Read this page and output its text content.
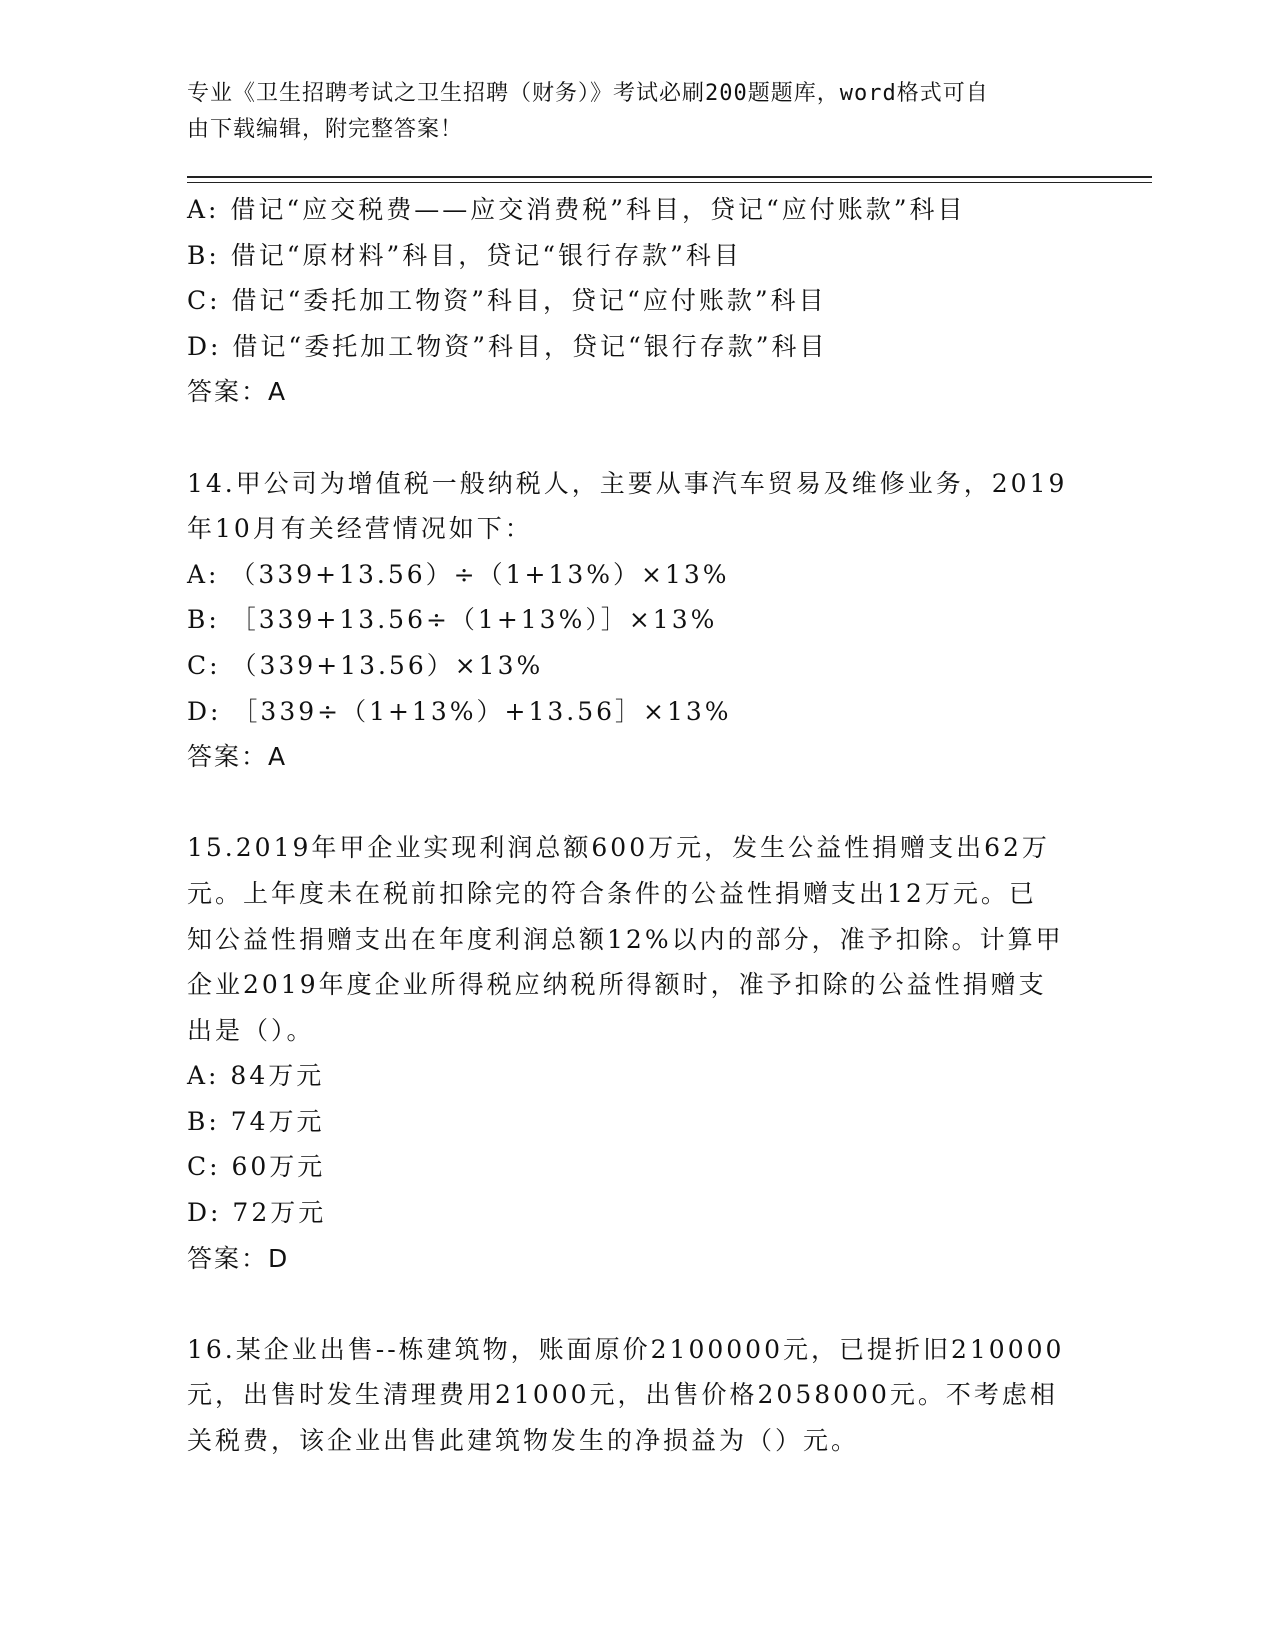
专业《卫生招聘考试之卫生招聘（财务）》考试必刷200题题库，word格式可自
由下载编辑，附完整答案！
A: 借记“应交税费——应交消费税”科目，贷记“应付账款”科目
B: 借记“原材料”科目，贷记“银行存款”科目
C: 借记“委托加工物资”科目，贷记“应付账款”科目
D: 借记“委托加工物资”科目，贷记“银行存款”科目
答案：A
14.甲公司为增值税一般纳税人，主要从事汽车贸易及维修业务，2019
年10月有关经营情况如下：
A: （339+13.56）÷（1+13%）×13%
B: ［339+13.56÷（1+13%）］×13%
C: （339+13.56）×13%
D: ［339÷（1+13%）+13.56］×13%
答案：A
15.2019年甲企业实现利润总额600万元，发生公益性捐赠支出62万
元。上年度未在税前扣除完的符合条件的公益性捐赠支出12万元。已
知公益性捐赠支出在年度利润总额12%以内的部分，准予扣除。计算甲
企业2019年度企业所得税应纳税所得额时，准予扣除的公益性捐赠支
出是（）。
A: 84万元
B: 74万元
C: 60万元
D: 72万元
答案：D
16.某企业出售--栋建筑物，账面原价2100000元，已提折旧210000
元，出售时发生清理费用21000元，出售价格2058000元。不考虑相
关税费，该企业出售此建筑物发生的净损益为（）元。
